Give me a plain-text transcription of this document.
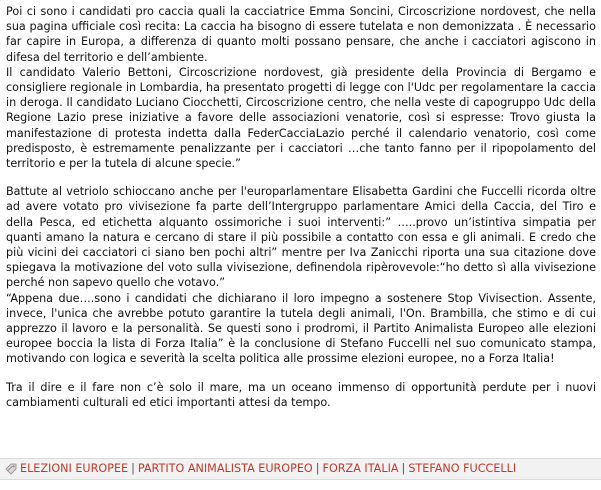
Poi ci sono i candidati pro caccia quali la cacciatrice Emma Soncini, Circoscrizione nordovest, che nella sua pagina ufficiale così recita: La caccia ha bisogno di essere tutelata e non demonizzata . È necessario far capire in Europa, a differenza di quanto molti possano pensare, che anche i cacciatori agiscono in difesa del territorio e dell’ambiente.

Il candidato Valerio Bettoni, Circoscrizione nordovest, già presidente della Provincia di Bergamo e consigliere regionale in Lombardia, ha presentato progetti di legge con l'Udc per regolamentare la caccia in deroga. Il candidato Luciano Ciocchetti, Circoscrizione centro, che nella veste di capogruppo Udc della Regione Lazio prese iniziative a favore delle associazioni venatorie, così si espresse: Trovo giusta la manifestazione di protesta indetta dalla FederCacciaLazio perché il calendario venatorio, così come predisposto, è estremamente penalizzante per i cacciatori …che tanto fanno per il ripopolamento del territorio e per la tutela di alcune specie.”

Battute al vetriolo schioccano anche per l'europarlamentare Elisabetta Gardini che Fuccelli ricorda oltre ad avere votato pro vivisezione fa parte dell’Intergruppo parlamentare Amici della Caccia, del Tiro e della Pesca, ed etichetta alquanto ossimoriche i suoi interventi:” …..provo un’istintiva simpatia per quanti amano la natura e cercano di stare il più possibile a contatto con essa e gli animali. E credo che più vicini dei cacciatori ci siano ben pochi altri” mentre per Iva Zanicchi riporta una sua citazione dove spiegava la motivazione del voto sulla vivisezione, definendola ripèrovevole:“ho detto sì alla vivisezione perché non sapevo quello che votavo.”

“Appena due….sono i candidati che dichiarano il loro impegno a sostenere Stop Vivisection. Assente, invece, l'unica che avrebbe potuto garantire la tutela degli animali, l'On. Brambilla, che stimo e di cui apprezzo il lavoro e la personalità. Se questi sono i prodromi, il Partito Animalista Europeo alle elezioni europee boccia la lista di Forza Italia” è la conclusione di Stefano Fuccelli nel suo comunicato stampa, motivando con logica e severità la scelta politica alle prossime elezioni europee, no a Forza Italia!

Tra il dire e il fare non c’è solo il mare, ma un oceano immenso di opportunità perdute per i nuovi cambiamenti culturali ed etici importanti attesi da tempo.

ELEZIONI EUROPEE | PARTITO ANIMALISTA EUROPEO | FORZA ITALIA | STEFANO FUCCELLI
